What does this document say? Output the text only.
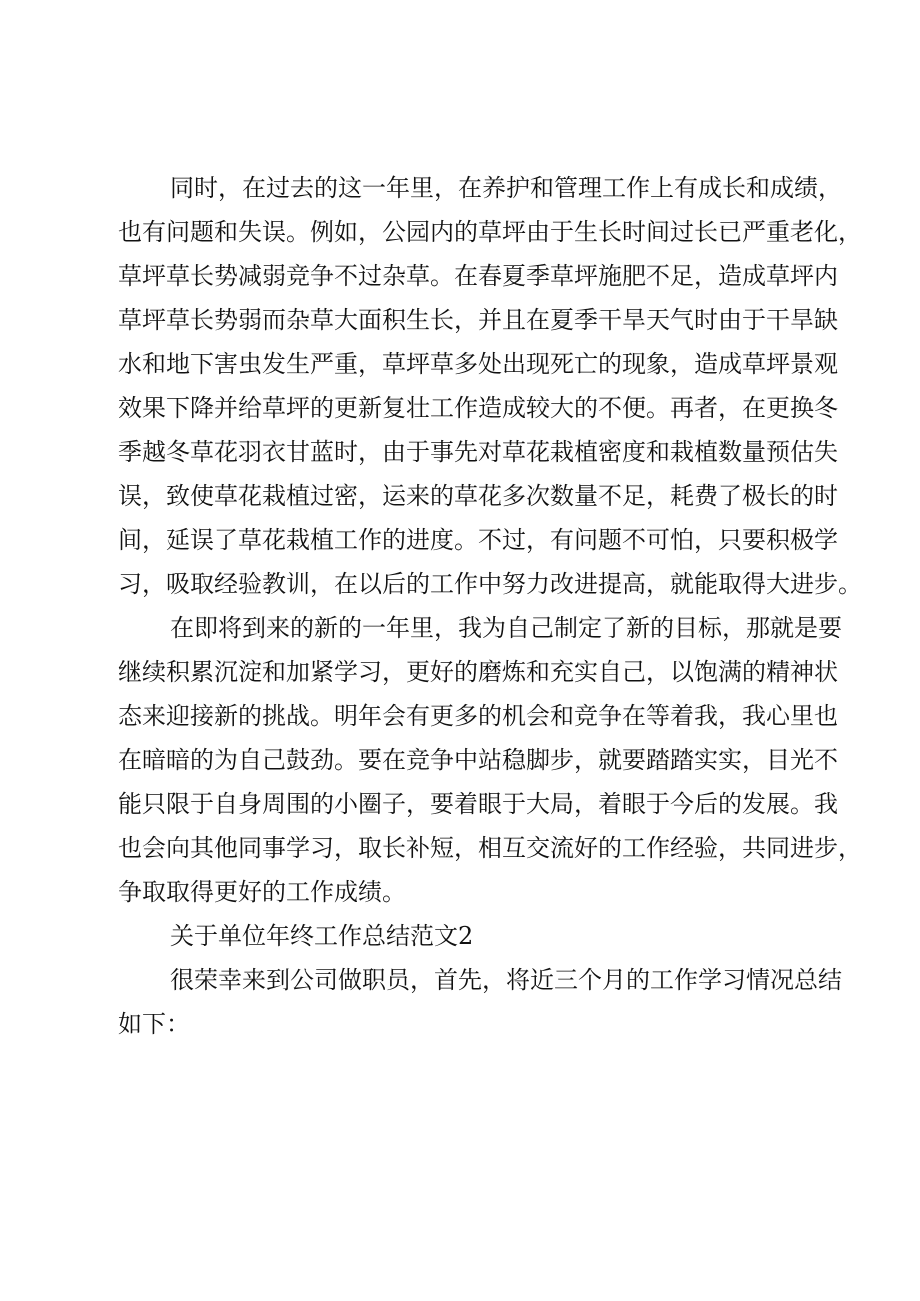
同时，在过去的这一年里，在养护和管理工作上有成长和成绩，
也有问题和失误。例如，公园内的草坪由于生长时间过长已严重老化，
草坪草长势减弱竞争不过杂草。在春夏季草坪施肥不足，造成草坪内
草坪草长势弱而杂草大面积生长，并且在夏季干旱天气时由于干旱缺
水和地下害虫发生严重，草坪草多处出现死亡的现象，造成草坪景观
效果下降并给草坪的更新复壮工作造成较大的不便。再者，在更换冬
季越冬草花羽衣甘蓝时，由于事先对草花栽植密度和栽植数量预估失
误，致使草花栽植过密，运来的草花多次数量不足，耗费了极长的时
间，延误了草花栽植工作的进度。不过，有问题不可怕，只要积极学
习，吸取经验教训，在以后的工作中努力改进提高，就能取得大进步。
在即将到来的新的一年里，我为自己制定了新的目标，那就是要
继续积累沉淀和加紧学习，更好的磨炼和充实自己，以饱满的精神状
态来迎接新的挑战。明年会有更多的机会和竞争在等着我，我心里也
在暗暗的为自己鼓劲。要在竞争中站稳脚步，就要踏踏实实，目光不
能只限于自身周围的小圈子，要着眼于大局，着眼于今后的发展。我
也会向其他同事学习，取长补短，相互交流好的工作经验，共同进步，
争取取得更好的工作成绩。
关于单位年终工作总结范文2
很荣幸来到公司做职员，首先，将近三个月的工作学习情况总结
如下：
